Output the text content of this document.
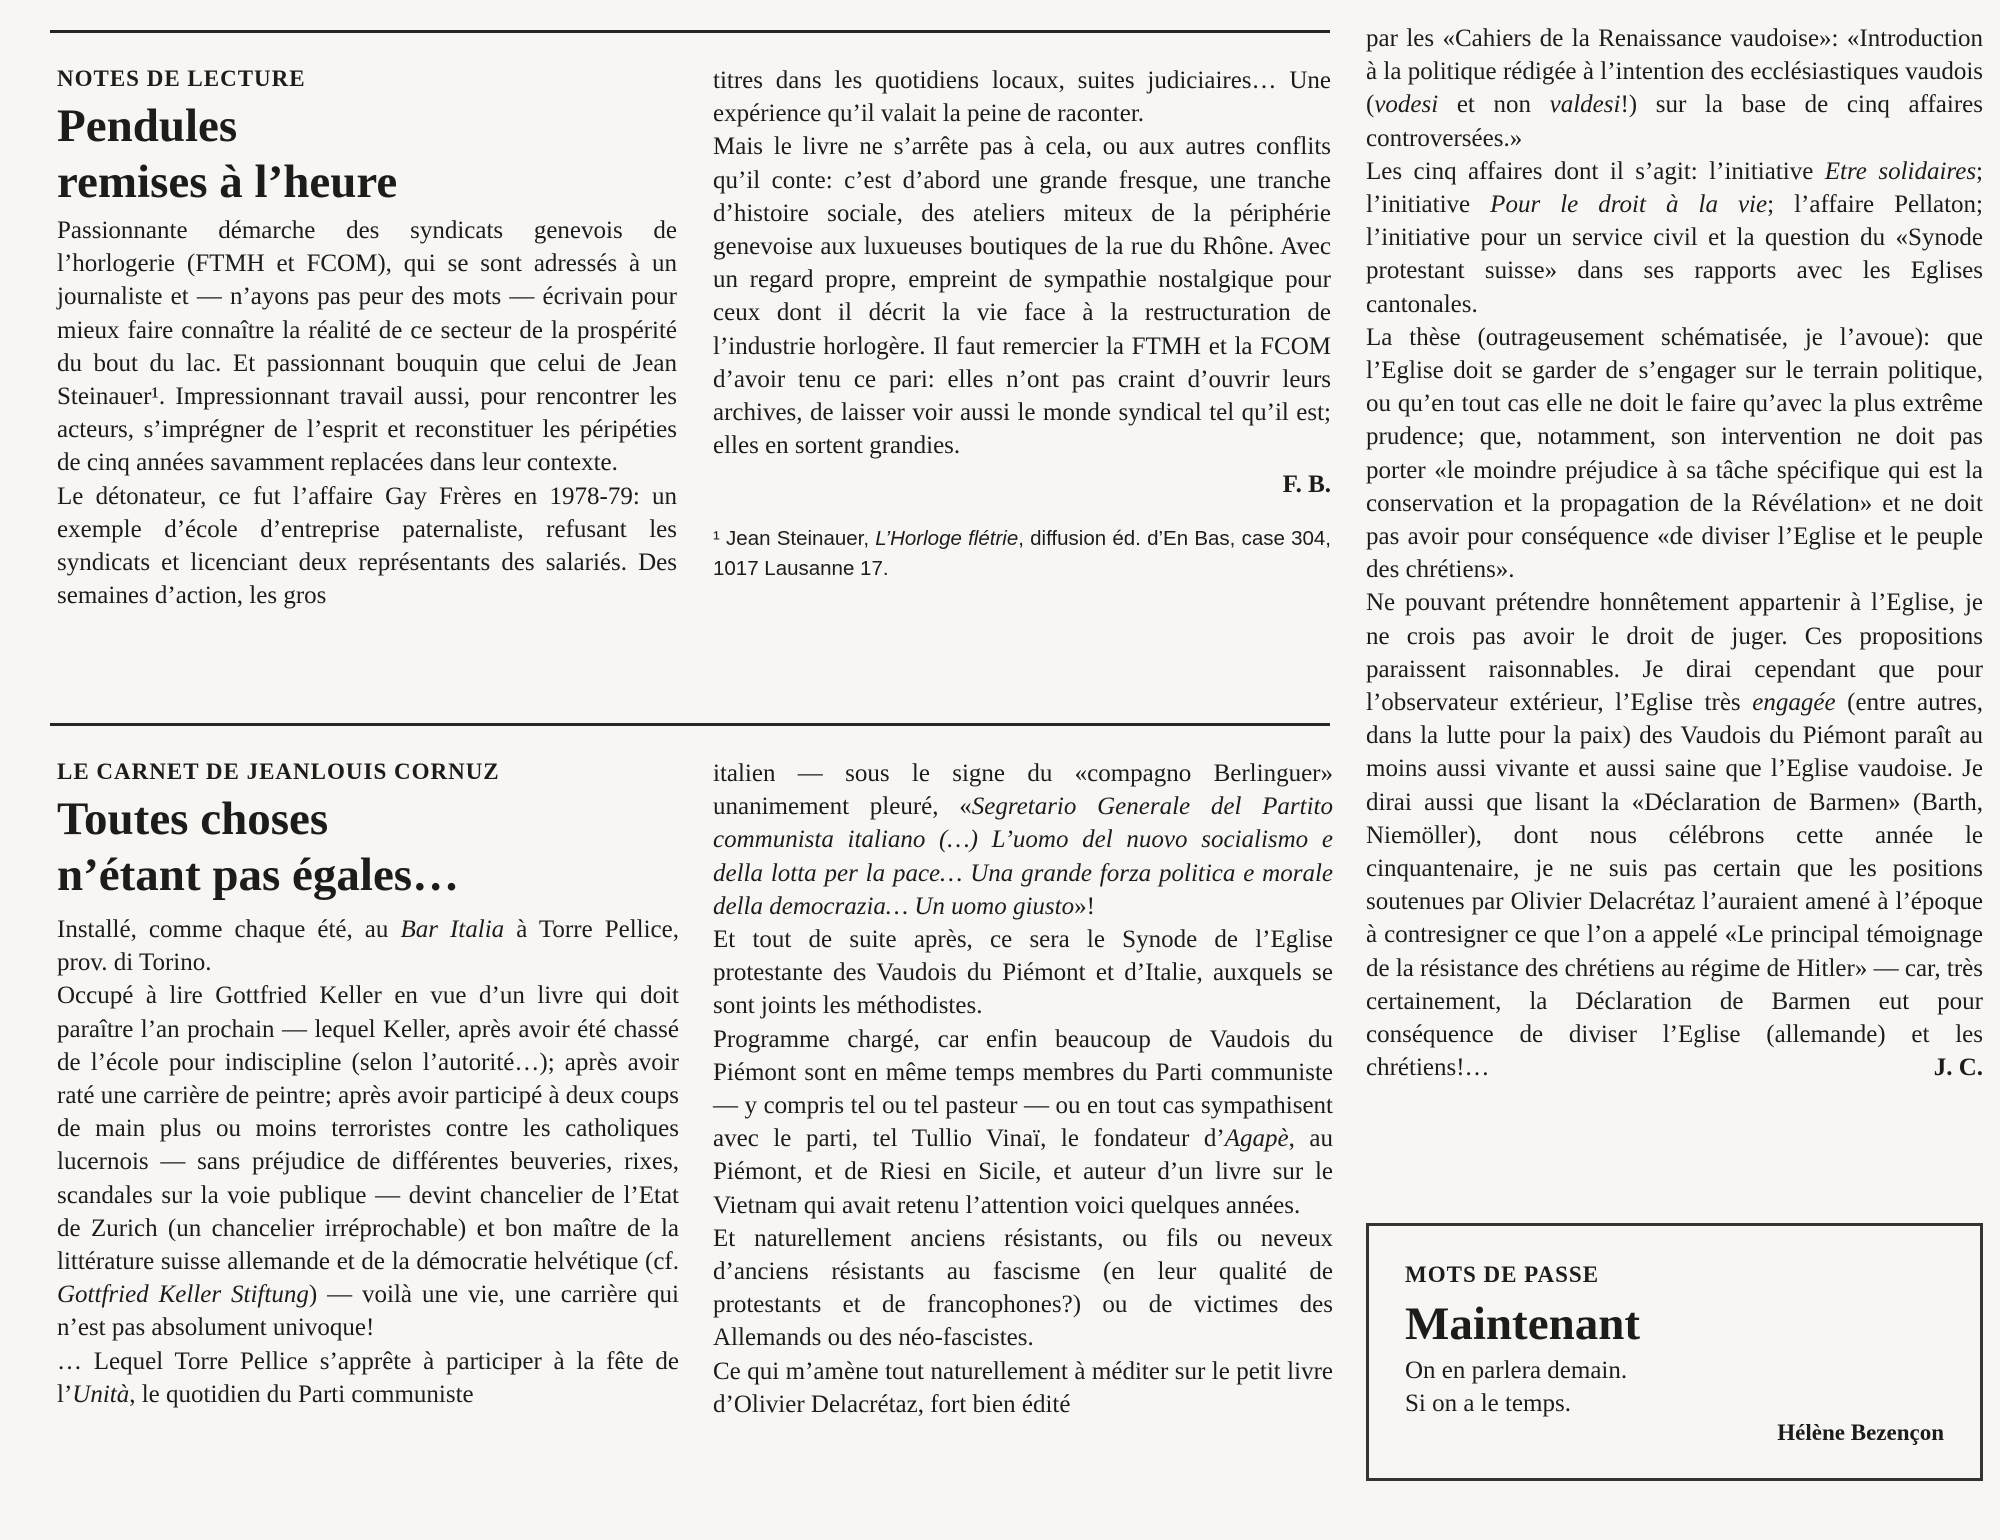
NOTES DE LECTURE
Pendules
remises à l’heure

Passionnante démarche des syndicats genevois de l’horlogerie (FTMH et FCOM), qui se sont adressés à un journaliste et — n’ayons pas peur des mots — écrivain pour mieux faire connaître la réalité de ce secteur de la prospérité du bout du lac. Et passionnant bouquin que celui de Jean Steinauer¹. Impressionnant travail aussi, pour rencontrer les acteurs, s’imprégner de l’esprit et reconstituer les péripéties de cinq années savamment replacées dans leur contexte.

Le détonateur, ce fut l’affaire Gay Frères en 1978-79: un exemple d’école d’entreprise paternaliste, refusant les syndicats et licenciant deux représentants des salariés. Des semaines d’action, les gros

titres dans les quotidiens locaux, suites judiciaires… Une expérience qu’il valait la peine de raconter.

Mais le livre ne s’arrête pas à cela, ou aux autres conflits qu’il conte: c’est d’abord une grande fresque, une tranche d’histoire sociale, des ateliers miteux de la périphérie genevoise aux luxueuses boutiques de la rue du Rhône. Avec un regard propre, empreint de sympathie nostalgique pour ceux dont il décrit la vie face à la restructuration de l’industrie horlogère. Il faut remercier la FTMH et la FCOM d’avoir tenu ce pari: elles n’ont pas craint d’ouvrir leurs archives, de laisser voir aussi le monde syndical tel qu’il est; elles en sortent grandies.

F. B.

¹ Jean Steinauer, L’Horloge flétrie, diffusion éd. d’En Bas, case 304, 1017 Lausanne 17.

LE CARNET DE JEANLOUIS CORNUZ
Toutes choses
n’étant pas égales…

Installé, comme chaque été, au Bar Italia à Torre Pellice, prov. di Torino.

Occupé à lire Gottfried Keller en vue d’un livre qui doit paraître l’an prochain — lequel Keller, après avoir été chassé de l’école pour indiscipline (selon l’autorité…); après avoir raté une carrière de peintre; après avoir participé à deux coups de main plus ou moins terroristes contre les catholiques lucernois — sans préjudice de différentes beuveries, rixes, scandales sur la voie publique — devint chancelier de l’Etat de Zurich (un chancelier irréprochable) et bon maître de la littérature suisse allemande et de la démocratie helvétique (cf. Gottfried Keller Stiftung) — voilà une vie, une carrière qui n’est pas absolument univoque!

… Lequel Torre Pellice s’apprête à participer à la fête de l’Unità, le quotidien du Parti communiste

italien — sous le signe du «compagno Berlinguer» unanimement pleuré, «Segretario Generale del Partito communista italiano (…) L’uomo del nuovo socialismo e della lotta per la pace… Una grande forza politica e morale della democrazia… Un uomo giusto»!

Et tout de suite après, ce sera le Synode de l’Eglise protestante des Vaudois du Piémont et d’Italie, auxquels se sont joints les méthodistes.

Programme chargé, car enfin beaucoup de Vaudois du Piémont sont en même temps membres du Parti communiste — y compris tel ou tel pasteur — ou en tout cas sympathisent avec le parti, tel Tullio Vinaï, le fondateur d’Agapè, au Piémont, et de Riesi en Sicile, et auteur d’un livre sur le Vietnam qui avait retenu l’attention voici quelques années.

Et naturellement anciens résistants, ou fils ou neveux d’anciens résistants au fascisme (en leur qualité de protestants et de francophones?) ou de victimes des Allemands ou des néo-fascistes.

Ce qui m’amène tout naturellement à méditer sur le petit livre d’Olivier Delacrétaz, fort bien édité

par les «Cahiers de la Renaissance vaudoise»: «Introduction à la politique rédigée à l’intention des ecclésiastiques vaudois (vodesi et non valdesi!) sur la base de cinq affaires controversées.»

Les cinq affaires dont il s’agit: l’initiative Etre solidaires; l’initiative Pour le droit à la vie; l’affaire Pellaton; l’initiative pour un service civil et la question du «Synode protestant suisse» dans ses rapports avec les Eglises cantonales.

La thèse (outrageusement schématisée, je l’avoue): que l’Eglise doit se garder de s’engager sur le terrain politique, ou qu’en tout cas elle ne doit le faire qu’avec la plus extrême prudence; que, notamment, son intervention ne doit pas porter «le moindre préjudice à sa tâche spécifique qui est la conservation et la propagation de la Révélation» et ne doit pas avoir pour conséquence «de diviser l’Eglise et le peuple des chrétiens».

Ne pouvant prétendre honnêtement appartenir à l’Eglise, je ne crois pas avoir le droit de juger. Ces propositions paraissent raisonnables. Je dirai cependant que pour l’observateur extérieur, l’Eglise très engagée (entre autres, dans la lutte pour la paix) des Vaudois du Piémont paraît au moins aussi vivante et aussi saine que l’Eglise vaudoise. Je dirai aussi que lisant la «Déclaration de Barmen» (Barth, Niemöller), dont nous célébrons cette année le cinquantenaire, je ne suis pas certain que les positions soutenues par Olivier Delacrétaz l’auraient amené à l’époque à contresigner ce que l’on a appelé «Le principal témoignage de la résistance des chrétiens au régime de Hitler» — car, très certainement, la Déclaration de Barmen eut pour conséquence de diviser l’Eglise (allemande) et les chrétiens!…	J. C.

MOTS DE PASSE
Maintenant

On en parlera demain.

Si on a le temps.

Hélène Bezençon
